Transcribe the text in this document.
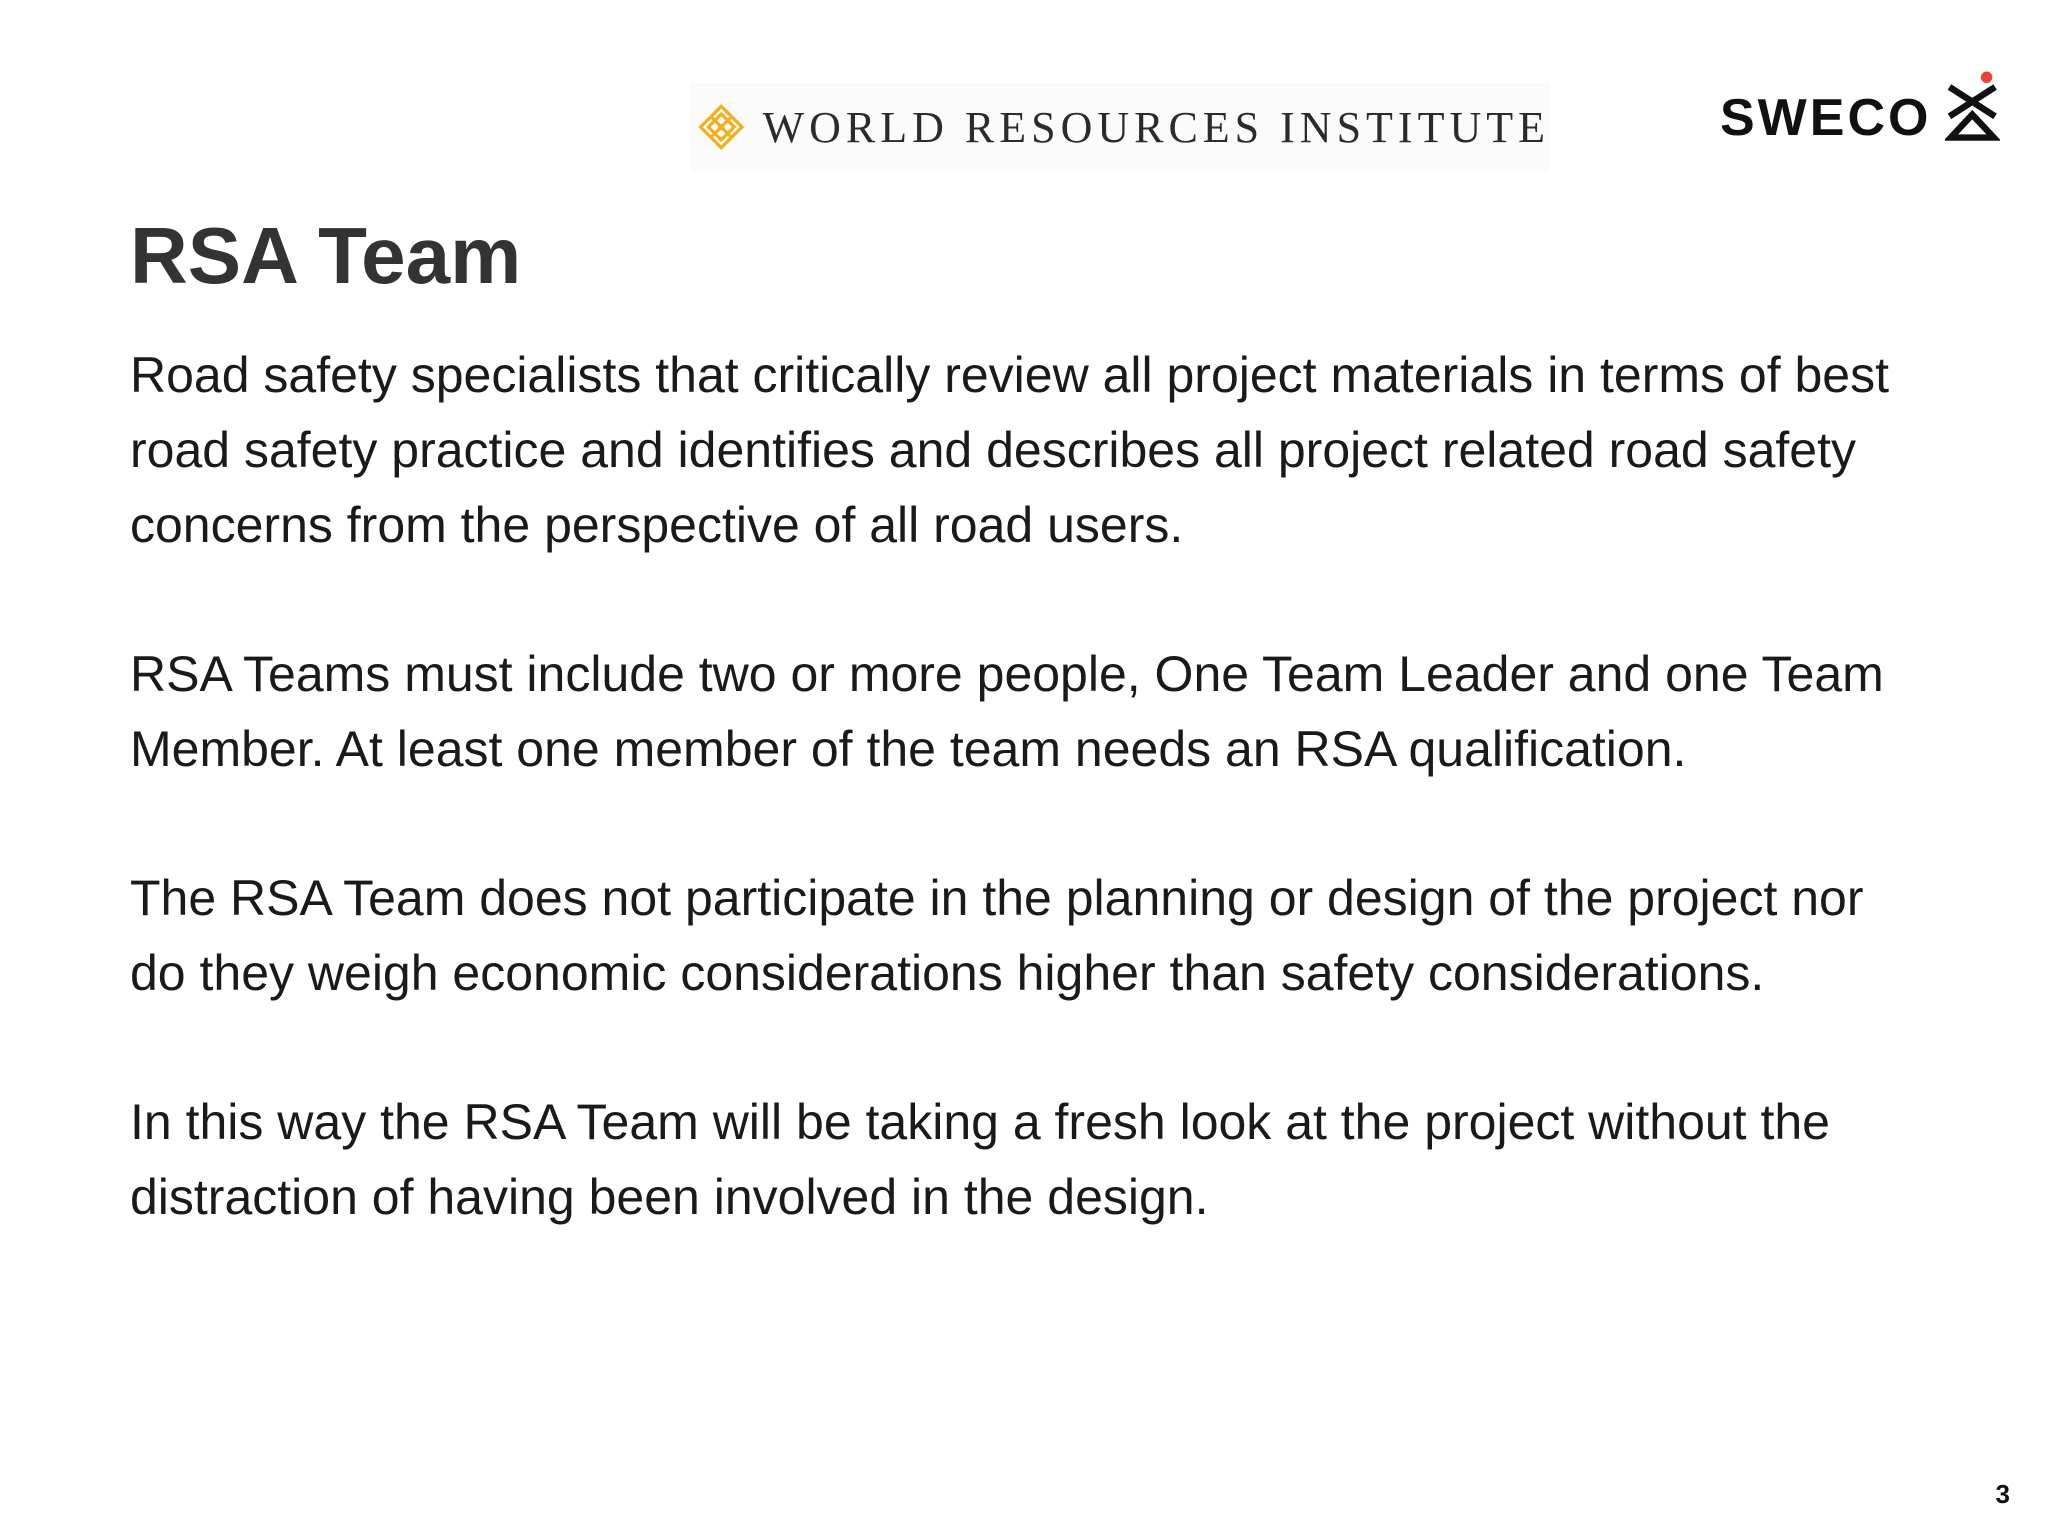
WORLD RESOURCES INSTITUTE	SWECO
RSA Team

Road safety specialists that critically review all project materials in terms of best road safety practice and identifies and describes all project related road safety concerns from the perspective of all road users.

RSA Teams must include two or more people, One Team Leader and one Team Member. At least one member of the team needs an RSA qualification.

The RSA Team does not participate in the planning or design of the project nor do they weigh economic considerations higher than safety considerations.

In this way the RSA Team will be taking a fresh look at the project without the distraction of having been involved in the design.

3
